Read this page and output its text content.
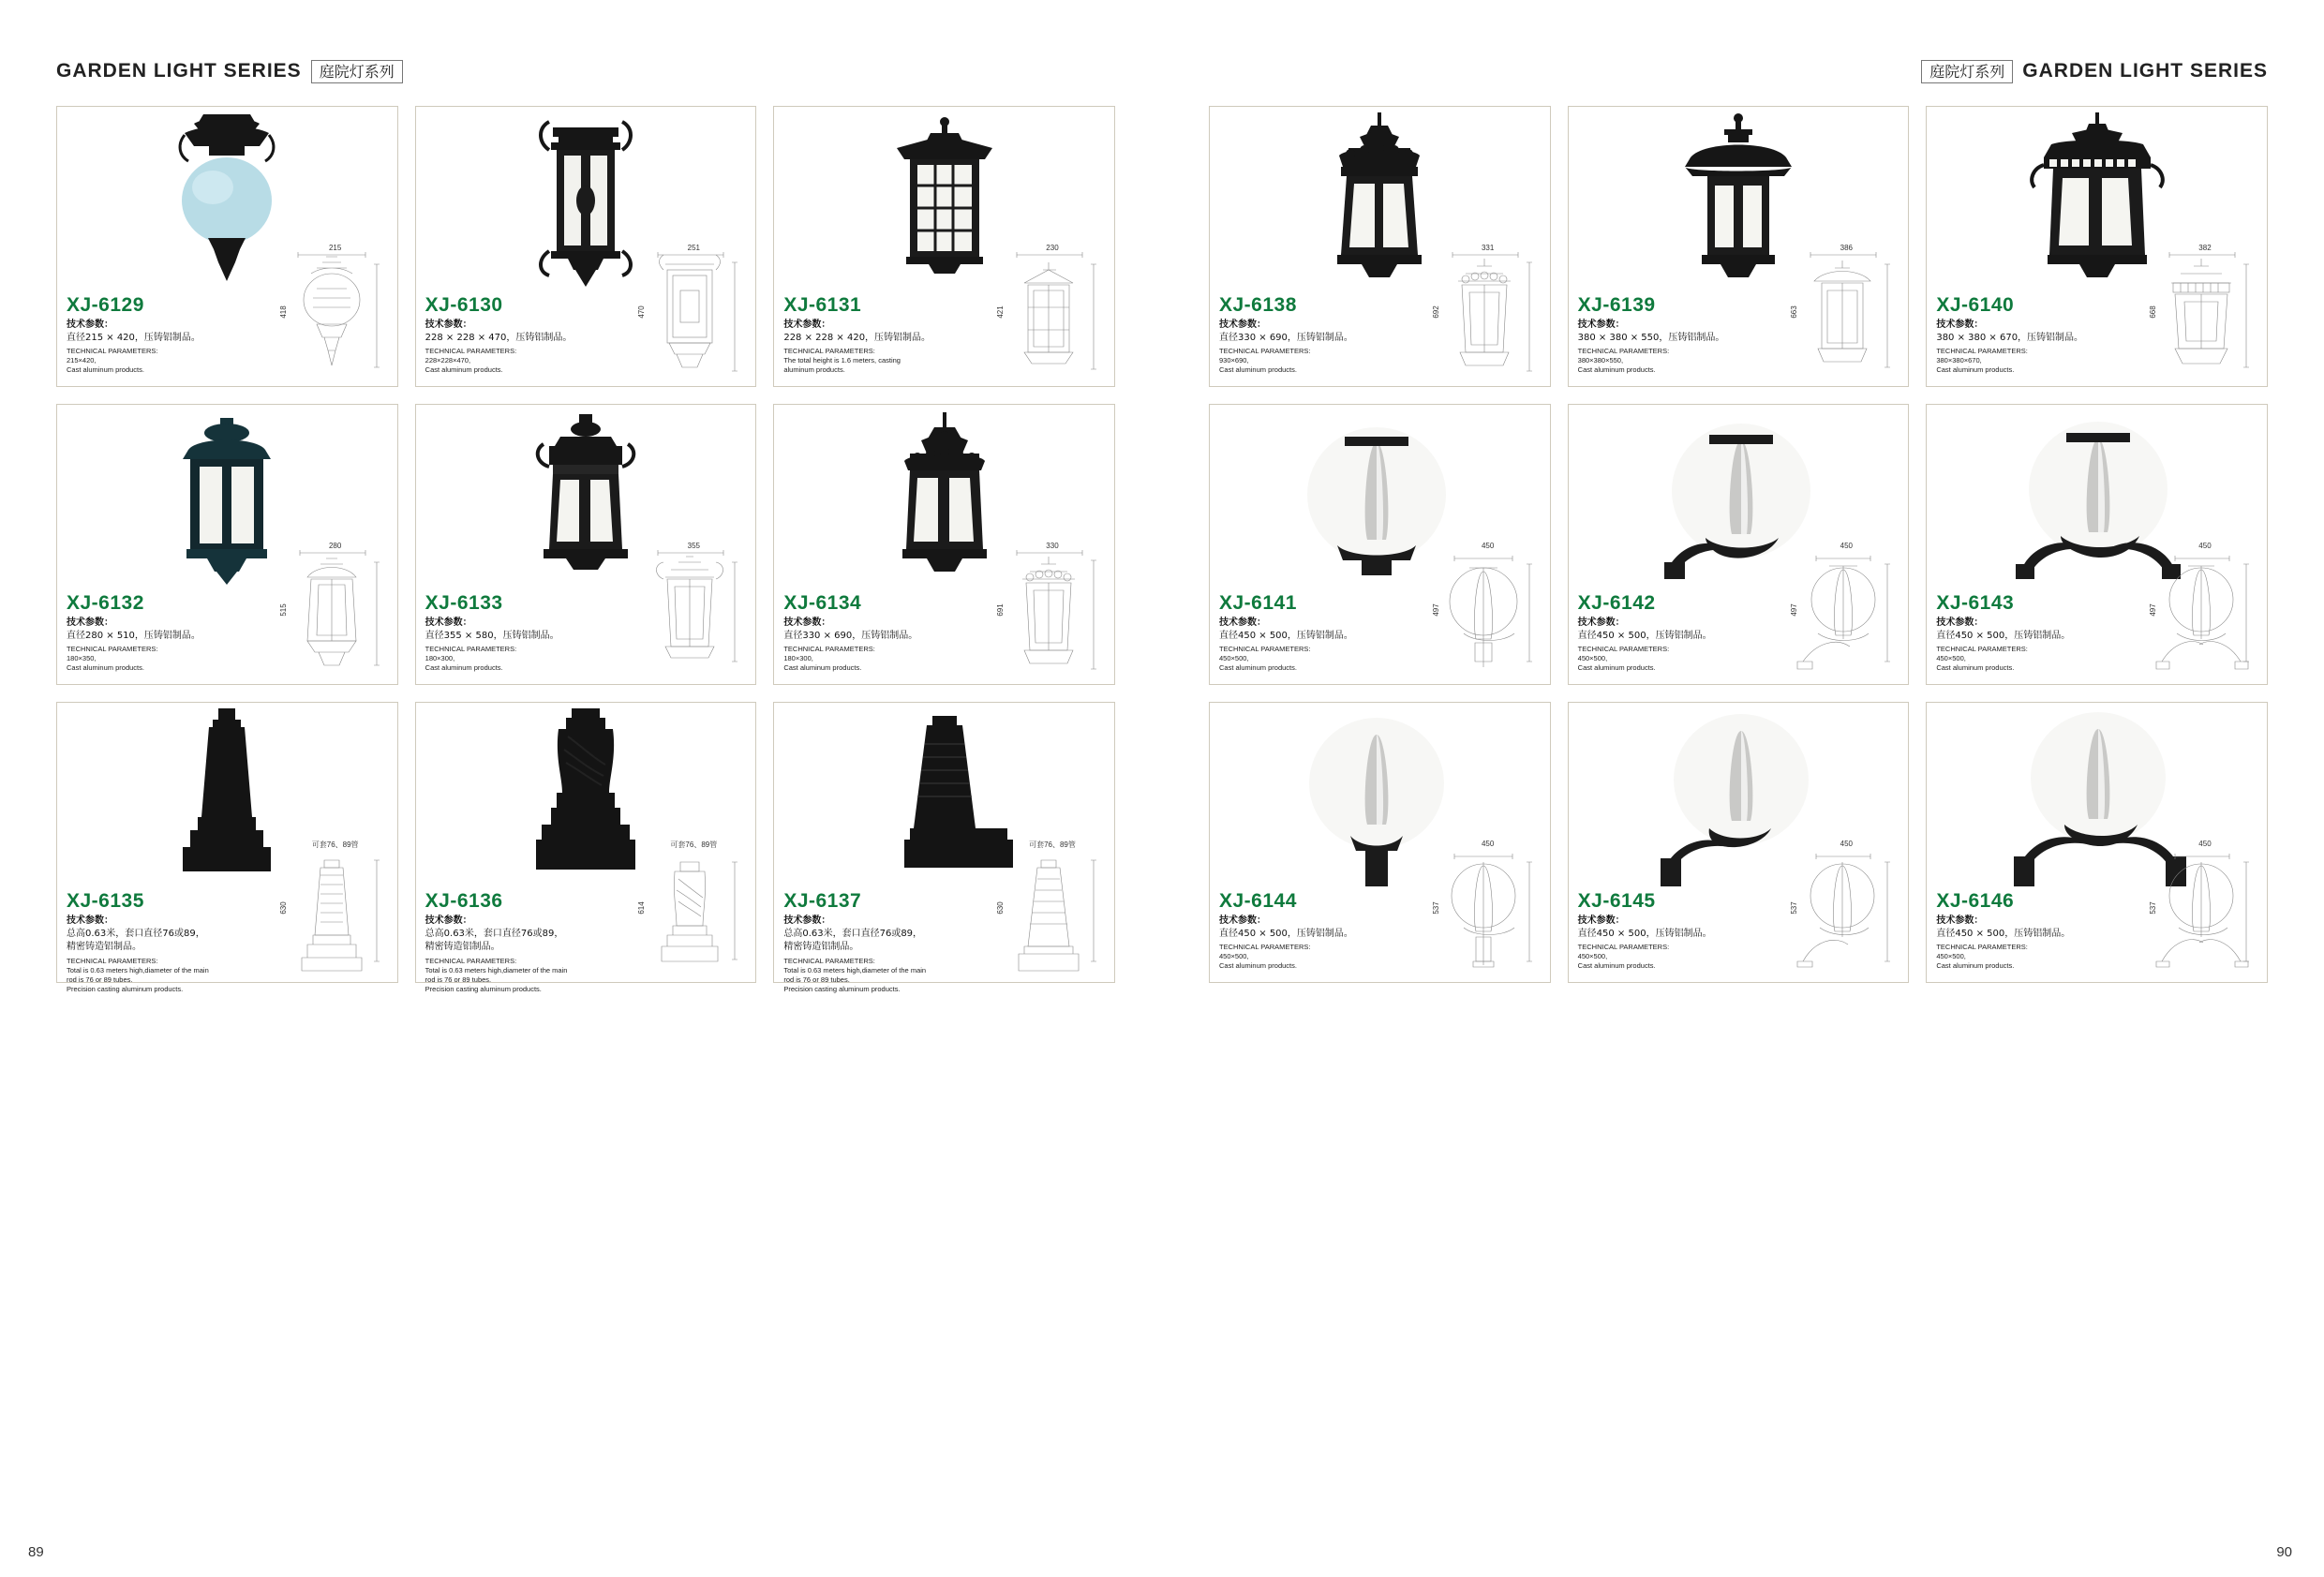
GARDEN LIGHT SERIES	庭院灯系列
XJ-6129
技术参数：
直径215 × 420，压铸铝制品。
TECHNICAL PARAMETERS:
215×420,
Cast aluminum products.
215
418	XJ-6130
技术参数：
228 × 228 × 470，压铸铝制品。
TECHNICAL PARAMETERS:
228×228×470,
Cast aluminum products.
251
470	XJ-6131
技术参数：
228 × 228 × 420，压铸铝制品。
TECHNICAL PARAMETERS:
The total height is 1.6 meters, casting
aluminum products.
230
421
XJ-6132
技术参数：
直径280 × 510，压铸铝制品。
TECHNICAL PARAMETERS:
180×350,
Cast aluminum products.
280
515	XJ-6133
技术参数：
直径355 × 580，压铸铝制品。
TECHNICAL PARAMETERS:
180×300,
Cast aluminum products.
355
XJ-6134
技术参数：
直径330 × 690，压铸铝制品。
TECHNICAL PARAMETERS:
180×300,
Cast aluminum products.
330
691
XJ-6135
技术参数：
总高0.63米，套口直径76或89，
精密铸造铝制品。
TECHNICAL PARAMETERS:
Total is 0.63 meters high,diameter of the main
rod is 76 or 89 tubes.
Precision casting aluminum products.
可套76、89管
630	XJ-6136
技术参数：
总高0.63米，套口直径76或89，
精密铸造铝制品。
TECHNICAL PARAMETERS:
Total is 0.63 meters high,diameter of the main
rod is 76 or 89 tubes.
Precision casting aluminum products.
可套76、89管
614	XJ-6137
技术参数：
总高0.63米，套口直径76或89，
精密铸造铝制品。
TECHNICAL PARAMETERS:
Total is 0.63 meters high,diameter of the main
rod is 76 or 89 tubes.
Precision casting aluminum products.
可套76、89管
630
89
庭院灯系列 GARDEN LIGHT SERIES
XJ-6138
技术参数：
直径330 × 690，压铸铝制品。
TECHNICAL PARAMETERS:
930×690,
Cast aluminum products.
331
692	XJ-6139
技术参数：
380 × 380 × 550，压铸铝制品。
TECHNICAL PARAMETERS:
380×380×550,
Cast aluminum products.
386
663	XJ-6140
技术参数：
380 × 380 × 670，压铸铝制品。
TECHNICAL PARAMETERS:
380×380×670,
Cast aluminum products.
382
668
XJ-6141
技术参数：
直径450 × 500，压铸铝制品。
TECHNICAL PARAMETERS:
450×500,
Cast aluminum products.
450
497	XJ-6142
技术参数：
直径450 × 500，压铸铝制品。
TECHNICAL PARAMETERS:
450×500,
Cast aluminum products.
450
497	XJ-6143
技术参数：
直径450 × 500，压铸铝制品。
TECHNICAL PARAMETERS:
450×500,
Cast aluminum products.
450
497
XJ-6144
技术参数：
直径450 × 500，压铸铝制品。
TECHNICAL PARAMETERS:
450×500,
Cast aluminum products.
450
537	XJ-6145
技术参数：
直径450 × 500，压铸铝制品。
TECHNICAL PARAMETERS:
450×500,
Cast aluminum products.
450
537	XJ-6146
技术参数：
直径450 × 500，压铸铝制品。
TECHNICAL PARAMETERS:
450×500,
Cast aluminum products.
450
537
90
